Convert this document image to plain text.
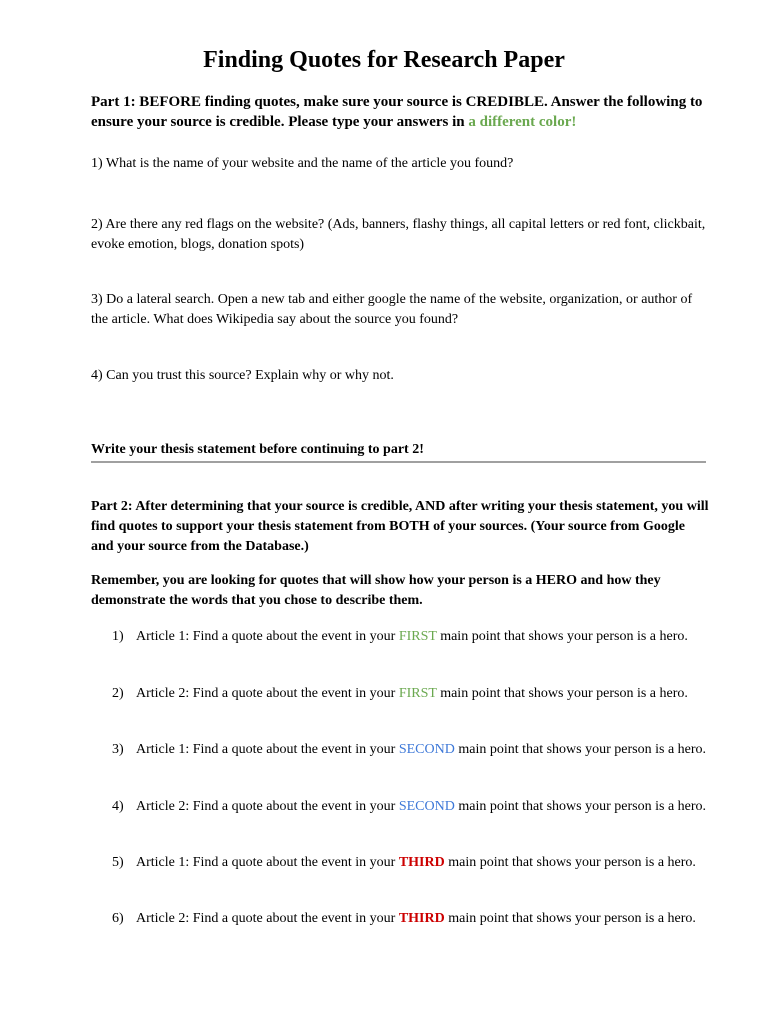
Finding Quotes for Research Paper

Part 1: BEFORE finding quotes, make sure your source is CREDIBLE. Answer the following to ensure your source is credible. Please type your answers in a different color!

1) What is the name of your website and the name of the article you found?

2) Are there any red flags on the website? (Ads, banners, flashy things, all capital letters or red font, clickbait, evoke emotion, blogs, donation spots)

3) Do a lateral search. Open a new tab and either google the name of the website, organization, or author of the article. What does Wikipedia say about the source you found?

4) Can you trust this source? Explain why or why not.

Write your thesis statement before continuing to part 2!

Part 2: After determining that your source is credible, AND after writing your thesis statement, you will find quotes to support your thesis statement from BOTH of your sources. (Your source from Google and your source from the Database.)

Remember, you are looking for quotes that will show how your person is a HERO and how they demonstrate the words that you chose to describe them.

1) Article 1: Find a quote about the event in your FIRST main point that shows your person is a hero.
2) Article 2: Find a quote about the event in your FIRST main point that shows your person is a hero.
3) Article 1: Find a quote about the event in your SECOND main point that shows your person is a hero.
4) Article 2: Find a quote about the event in your SECOND main point that shows your person is a hero.
5) Article 1: Find a quote about the event in your THIRD main point that shows your person is a hero.
6) Article 2: Find a quote about the event in your THIRD main point that shows your person is a hero.
